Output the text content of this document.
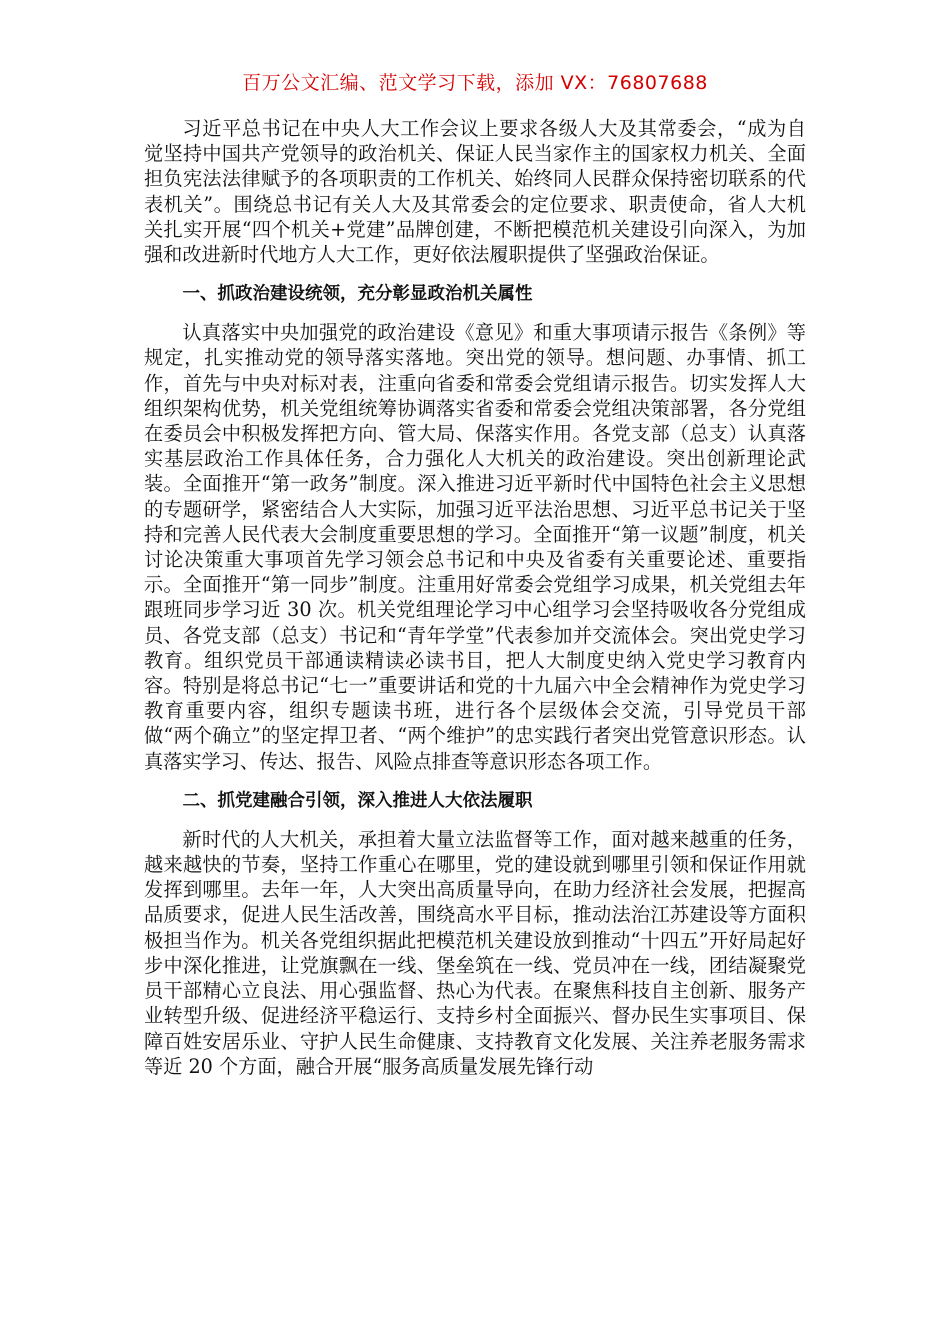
百万公文汇编、范文学习下载，添加 VX：76807688

习近平总书记在中央人大工作会议上要求各级人大及其常委会，“成为自觉坚持中国共产党领导的政治机关、保证人民当家作主的国家权力机关、全面担负宪法法律赋予的各项职责的工作机关、始终同人民群众保持密切联系的代表机关”。围绕总书记有关人大及其常委会的定位要求、职责使命，省人大机关扎实开展“四个机关+党建”品牌创建，不断把模范机关建设引向深入，为加强和改进新时代地方人大工作，更好依法履职提供了坚强政治保证。

一、抓政治建设统领，充分彰显政治机关属性

认真落实中央加强党的政治建设《意见》和重大事项请示报告《条例》等规定，扎实推动党的领导落实落地。突出党的领导。想问题、办事情、抓工作，首先与中央对标对表，注重向省委和常委会党组请示报告。切实发挥人大组织架构优势，机关党组统筹协调落实省委和常委会党组决策部署，各分党组在委员会中积极发挥把方向、管大局、保落实作用。各党支部（总支）认真落实基层政治工作具体任务，合力强化人大机关的政治建设。突出创新理论武装。全面推开“第一政务”制度。深入推进习近平新时代中国特色社会主义思想的专题研学，紧密结合人大实际，加强习近平法治思想、习近平总书记关于坚持和完善人民代表大会制度重要思想的学习。全面推开“第一议题”制度，机关讨论决策重大事项首先学习领会总书记和中央及省委有关重要论述、重要指示。全面推开“第一同步”制度。注重用好常委会党组学习成果，机关党组去年跟班同步学习近 30 次。机关党组理论学习中心组学习会坚持吸收各分党组成员、各党支部（总支）书记和“青年学堂”代表参加并交流体会。突出党史学习教育。组织党员干部通读精读必读书目，把人大制度史纳入党史学习教育内容。特别是将总书记“七一”重要讲话和党的十九届六中全会精神作为党史学习教育重要内容，组织专题读书班，进行各个层级体会交流，引导党员干部做“两个确立”的坚定捍卫者、“两个维护”的忠实践行者突出党管意识形态。认真落实学习、传达、报告、风险点排查等意识形态各项工作。

二、抓党建融合引领，深入推进人大依法履职

新时代的人大机关，承担着大量立法监督等工作，面对越来越重的任务，越来越快的节奏，坚持工作重心在哪里，党的建设就到哪里引领和保证作用就发挥到哪里。去年一年，人大突出高质量导向，在助力经济社会发展，把握高品质要求，促进人民生活改善，围绕高水平目标，推动法治江苏建设等方面积极担当作为。机关各党组织据此把模范机关建设放到推动“十四五”开好局起好步中深化推进，让党旗飘在一线、堡垒筑在一线、党员冲在一线，团结凝聚党员干部精心立良法、用心强监督、热心为代表。在聚焦科技自主创新、服务产业转型升级、促进经济平稳运行、支持乡村全面振兴、督办民生实事项目、保障百姓安居乐业、守护人民生命健康、支持教育文化发展、关注养老服务需求等近 20 个方面，融合开展“服务高质量发展先锋行动
